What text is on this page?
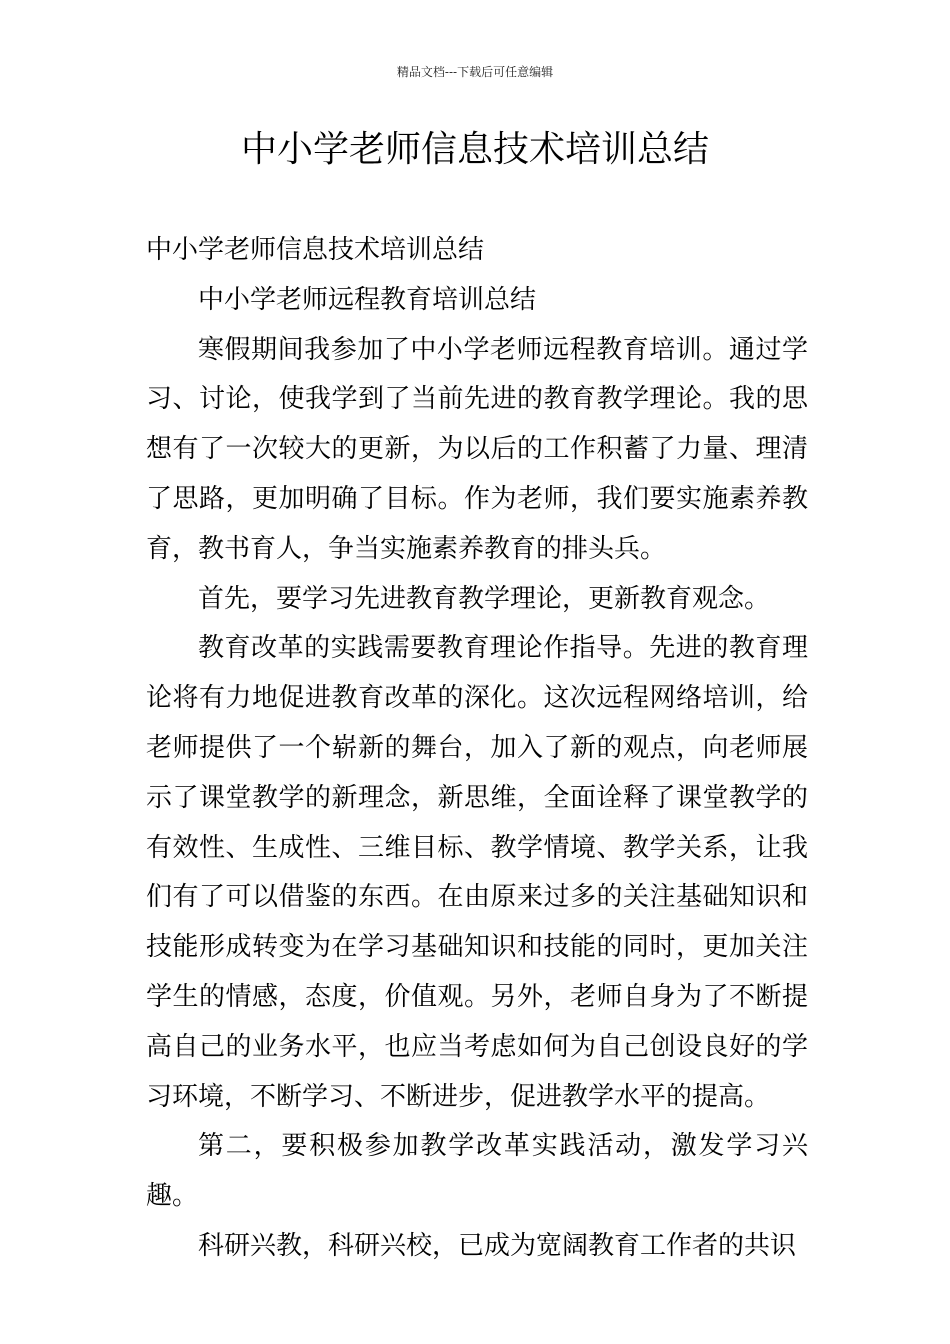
精品文档---下载后可任意编辑
中小学老师信息技术培训总结

中小学老师信息技术培训总结

中小学老师远程教育培训总结

寒假期间我参加了中小学老师远程教育培训。通过学习、讨论，使我学到了当前先进的教育教学理论。我的思想有了一次较大的更新，为以后的工作积蓄了力量、理清了思路，更加明确了目标。作为老师，我们要实施素养教育，教书育人，争当实施素养教育的排头兵。

首先，要学习先进教育教学理论，更新教育观念。

教育改革的实践需要教育理论作指导。先进的教育理论将有力地促进教育改革的深化。这次远程网络培训，给老师提供了一个崭新的舞台，加入了新的观点，向老师展示了课堂教学的新理念，新思维，全面诠释了课堂教学的有效性、生成性、三维目标、教学情境、教学关系，让我们有了可以借鉴的东西。在由原来过多的关注基础知识和技能形成转变为在学习基础知识和技能的同时，更加关注学生的情感，态度，价值观。另外，老师自身为了不断提高自己的业务水平，也应当考虑如何为自己创设良好的学习环境，不断学习、不断进步，促进教学水平的提高。

第二，要积极参加教学改革实践活动，激发学习兴趣。

科研兴教，科研兴校，已成为宽阔教育工作者的共识
